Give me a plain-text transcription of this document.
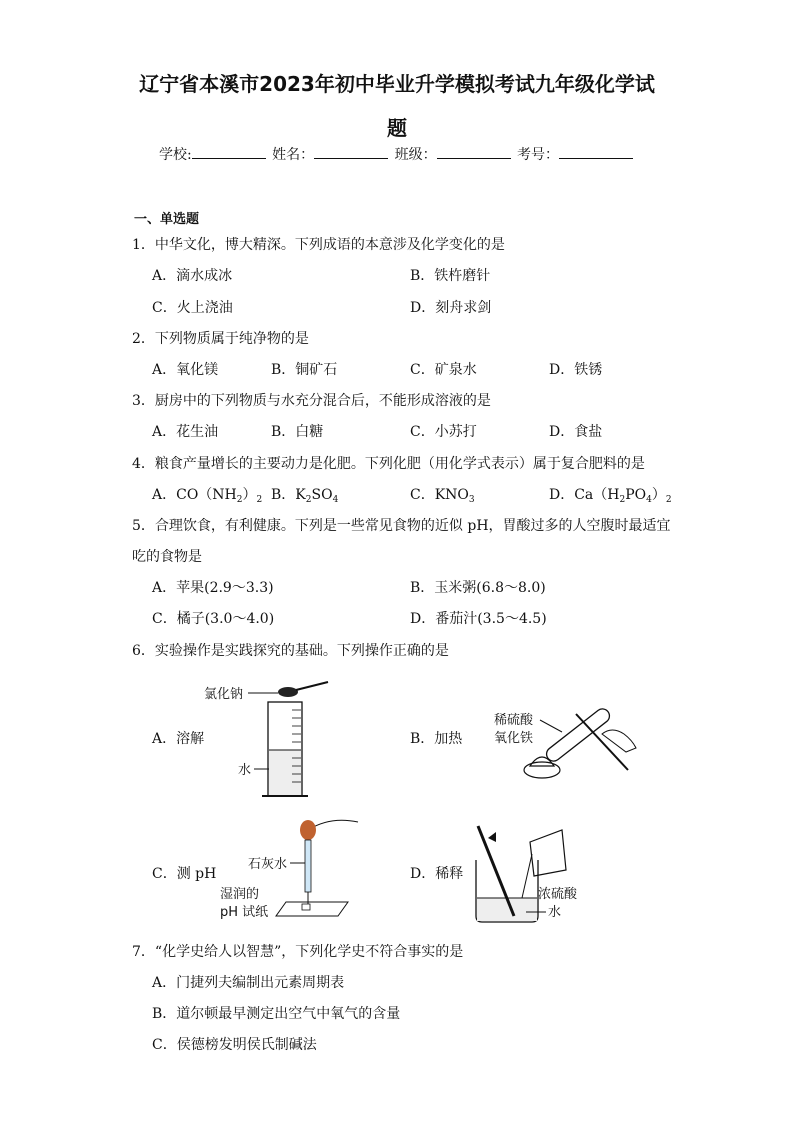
辽宁省本溪市2023年初中毕业升学模拟考试九年级化学试
题
学校:	姓名：	班级：	考号：
一、单选题
1．中华文化，博大精深。下列成语的本意涉及化学变化的是
A．滴水成冰	B．铁杵磨针
C．火上浇油	D．刻舟求剑
2．下列物质属于纯净物的是
A．氧化镁	B．铜矿石	C．矿泉水	D．铁锈
3．厨房中的下列物质与水充分混合后，不能形成溶液的是
A．花生油	B．白糖	C．小苏打	D．食盐
4．粮食产量增长的主要动力是化肥。下列化肥（用化学式表示）属于复合肥料的是
A．$CO(NH_2)_2$ B．$K_2SO_4$	C．$KNO_3$	D．$Ca(H_2PO_4)_2$
5．合理饮食，有利健康。下列是一些常见食物的近似 pH，胃酸过多的人空腹时最适宜
吃的食物是
A．苹果(2.9～3.3)	B．玉米粥(6.8～8.0)
C．橘子(3.0～4.0)	D．番茄汁(3.5～4.5)
6．实验操作是实践探究的基础。下列操作正确的是
A．溶解	B．加热
C．测 pH	D．稀释
氯化钠
水
稀硫酸
氧化铁
石灰水
湿润的
pH 试纸
浓硫酸
水
7．“化学史给人以智慧”，下列化学史不符合事实的是
A．门捷列夫编制出元素周期表
B．道尔顿最早测定出空气中氧气的含量
C．侯德榜发明侯氏制碱法
